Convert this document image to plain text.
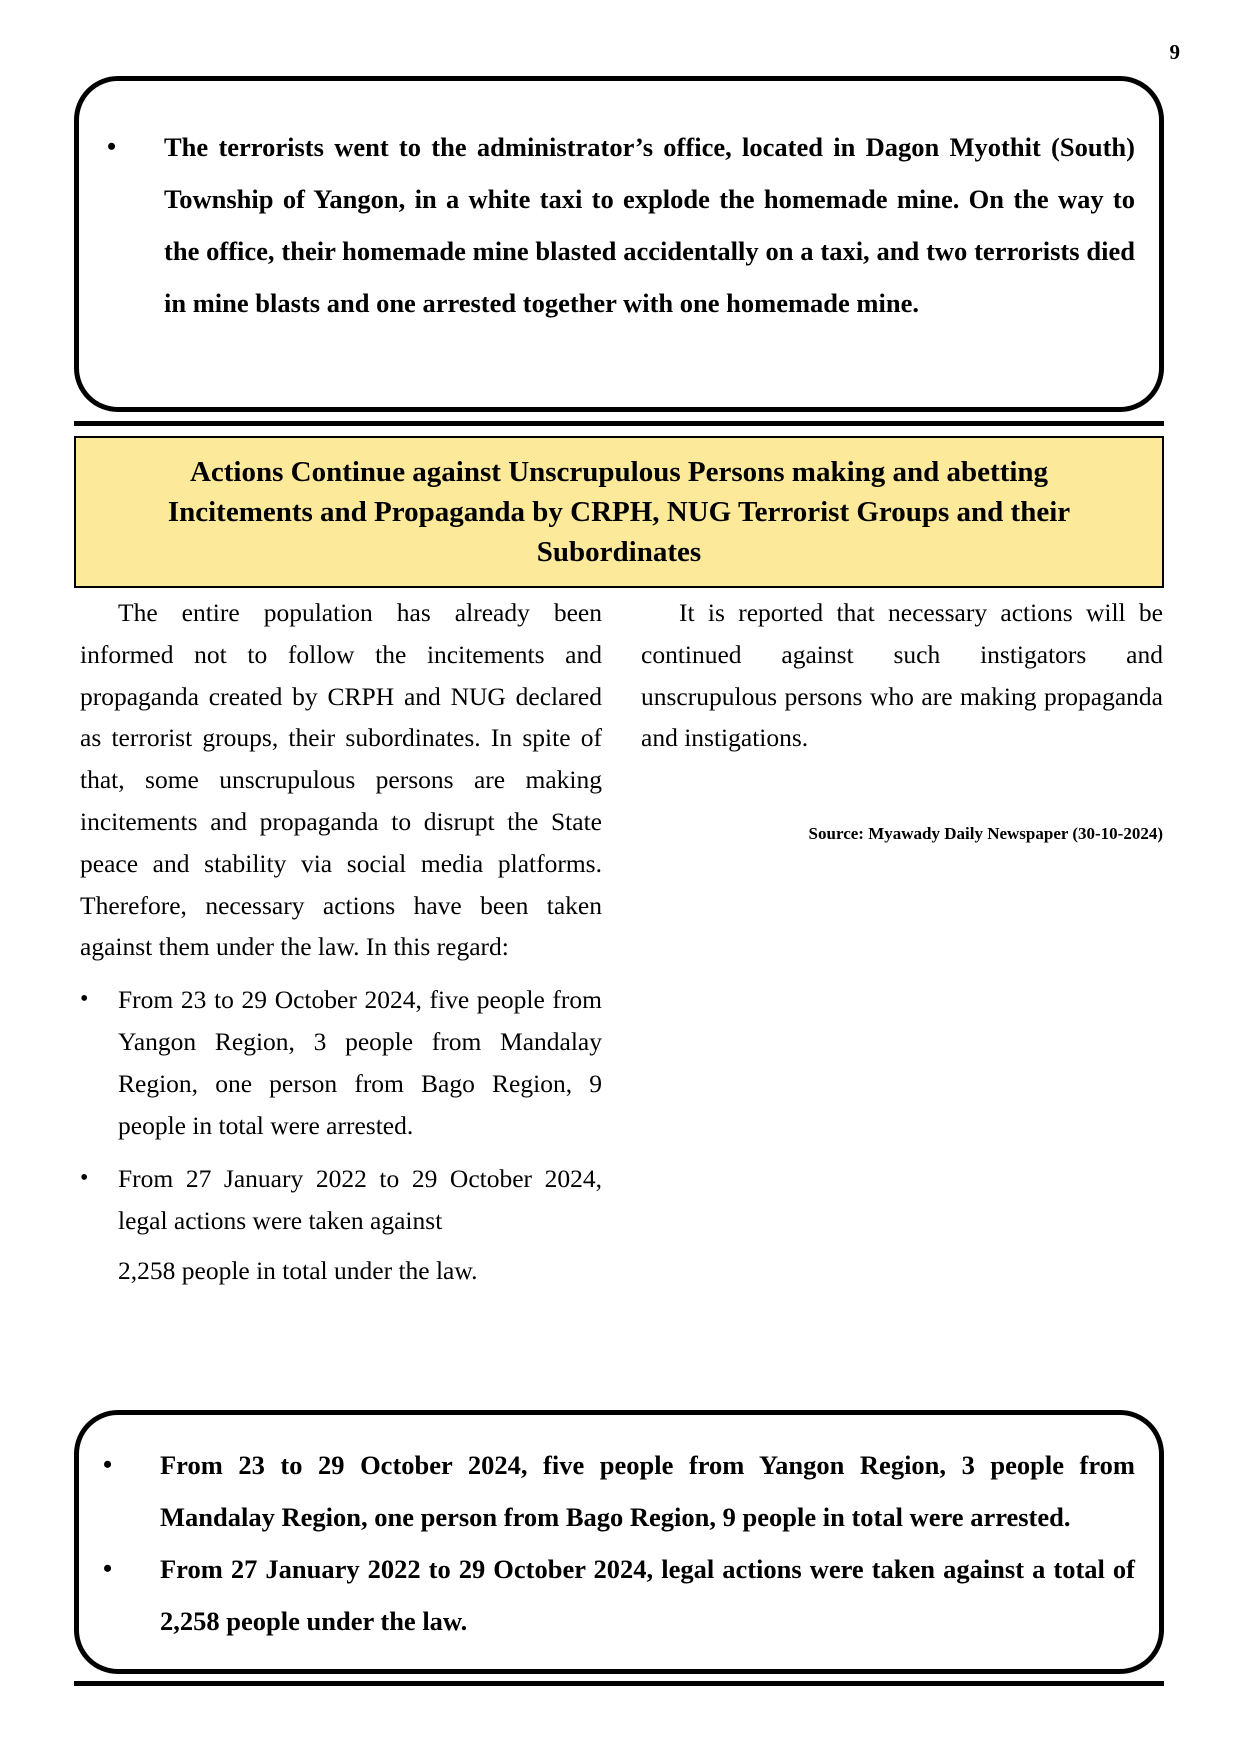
9
• The terrorists went to the administrator’s office, located in Dagon Myothit (South) Township of Yangon, in a white taxi to explode the homemade mine. On the way to the office, their homemade mine blasted accidentally on a taxi, and two terrorists died in mine blasts and one arrested together with one homemade mine.
Actions Continue against Unscrupulous Persons making and abetting Incitements and Propaganda by CRPH, NUG Terrorist Groups and their Subordinates

The entire population has already been informed not to follow the incitements and propaganda created by CRPH and NUG declared as terrorist groups, their subordinates. In spite of that, some unscrupulous persons are making incitements and propaganda to disrupt the State peace and stability via social media platforms. Therefore, necessary actions have been taken against them under the law. In this regard:

• From 23 to 29 October 2024, five people from Yangon Region, 3 people from Mandalay Region, one person from Bago Region, 9 people in total were arrested.
• From 27 January 2022 to 29 October 2024, legal actions were taken against
2,258 people in total under the law.

It is reported that necessary actions will be continued against such instigators and unscrupulous persons who are making propaganda and instigations.

Source: Myawady Daily Newspaper (30-10-2024)
• From 23 to 29 October 2024, five people from Yangon Region, 3 people from Mandalay Region, one person from Bago Region, 9 people in total were arrested.
• From 27 January 2022 to 29 October 2024, legal actions were taken against a total of 2,258 people under the law.
